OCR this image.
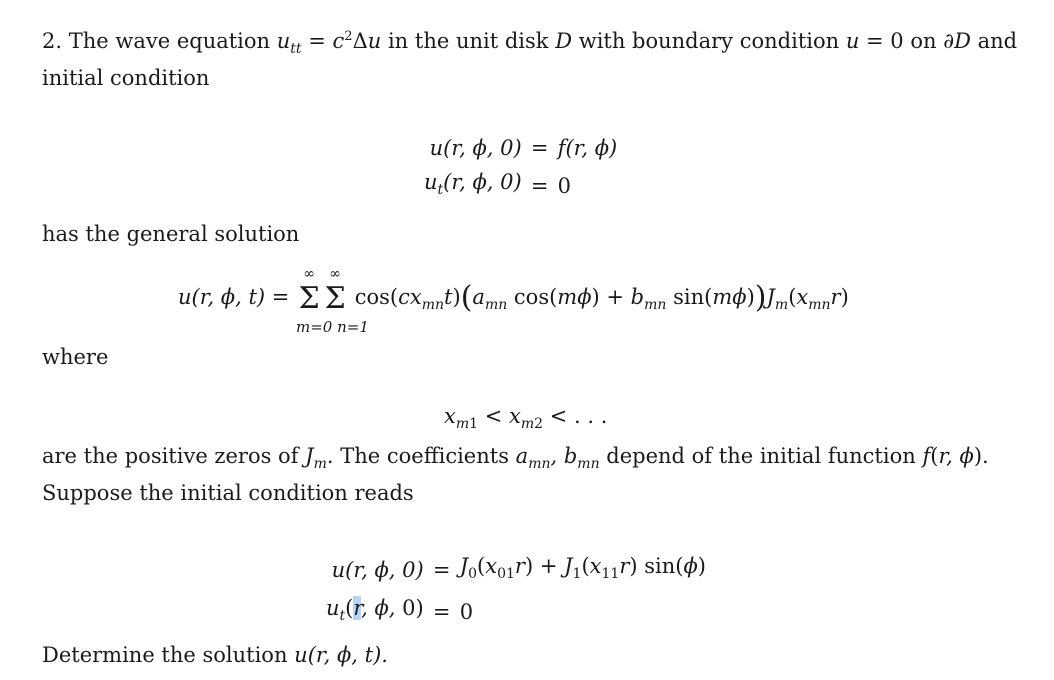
2. The wave equation $u_{tt} = c^2\Delta u$ in the unit disk D with boundary condition u = 0 on ∂D and
initial condition
u(r, ϕ, 0) = f(r, ϕ)
$u_t(r$, ϕ, 0) = 0
has the general solution
u(r, ϕ, t) =
∞
Σ
∞
Σ $\cos(cx_{mn}t)(a_{mn}$ $\cos(m\phi) + b_{mn}$ $\sin(m\phi))J_m(x_{mn}r)$
m=0 n=1
where
$x_{m1} < x_{m2}$ < . . .
are the positive zeros of $J_m$. The coefficients $a_{mn}$, $b_{mn}$ depend of the initial function f(r, ϕ).
Suppose the initial condition reads
u(r, ϕ, $0) = J_0(x_{01}r) + J_1(x_{11}r)$ sin(ϕ)
$u_t(r$, ϕ, 0) = 0
Determine the solution u(r, ϕ, t).
